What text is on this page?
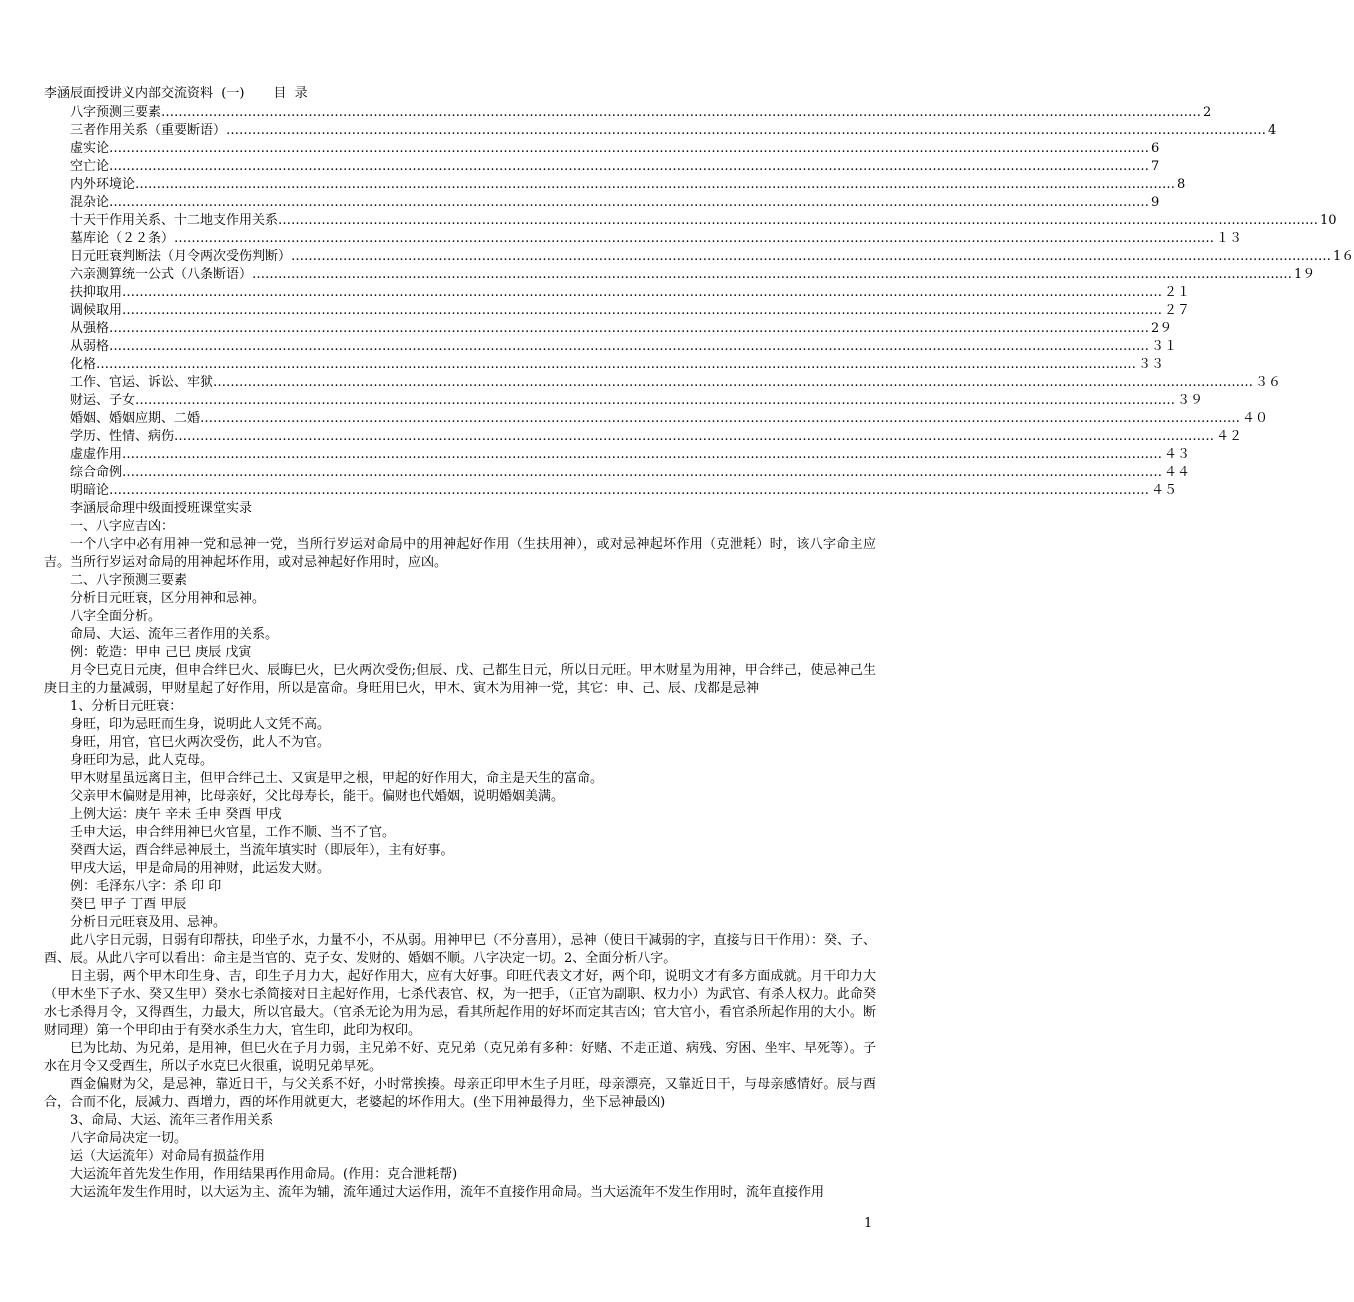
李涵辰面授讲义内部交流资料  (一)       目  录
八字预测三要素 …………………………………………………………………………………………………………………………………………………………………………………………………………………… 2
三者作用关系（重要断语） …………………………………………………………………………………………………………………………………………………………………………………………………………………… 4
虚实论 …………………………………………………………………………………………………………………………………………………………………………………………………………………… 6
空亡论 …………………………………………………………………………………………………………………………………………………………………………………………………………………… 7
内外环境论 …………………………………………………………………………………………………………………………………………………………………………………………………………………… 8
混杂论 …………………………………………………………………………………………………………………………………………………………………………………………………………………… 9
十天干作用关系、十二地支作用关系 …………………………………………………………………………………………………………………………………………………………………………………………………………………… 10
墓库论（２２条） …………………………………………………………………………………………………………………………………………………………………………………………………………………… １３
日元旺衰判断法（月令两次受伤判断） …………………………………………………………………………………………………………………………………………………………………………………………………………………… 1６
六亲测算统一公式（八条断语） …………………………………………………………………………………………………………………………………………………………………………………………………………………… 1９
扶抑取用 …………………………………………………………………………………………………………………………………………………………………………………………………………………… ２１
调候取用 …………………………………………………………………………………………………………………………………………………………………………………………………………………… ２７
从强格 …………………………………………………………………………………………………………………………………………………………………………………………………………………… 2９
从弱格 …………………………………………………………………………………………………………………………………………………………………………………………………………………… ３１
化格 …………………………………………………………………………………………………………………………………………………………………………………………………………………… ３３
工作、官运、诉讼、牢狱 …………………………………………………………………………………………………………………………………………………………………………………………………………………… ３６
财运、子女 …………………………………………………………………………………………………………………………………………………………………………………………………………………… ３９
婚姻、婚姻应期、二婚 …………………………………………………………………………………………………………………………………………………………………………………………………………………… ４０
学历、性情、病伤 …………………………………………………………………………………………………………………………………………………………………………………………………………………… ４２
虚虚作用 …………………………………………………………………………………………………………………………………………………………………………………………………………………… ４３
综合命例 …………………………………………………………………………………………………………………………………………………………………………………………………………………… ４４
明暗论 …………………………………………………………………………………………………………………………………………………………………………………………………………………… ４５

李涵辰命理中级面授班课堂实录

一、八字应吉凶：

一个八字中必有用神一党和忌神一党，当所行岁运对命局中的用神起好作用（生扶用神），或对忌神起坏作用（克泄耗）时，该八字命主应吉。当所行岁运对命局的用神起坏作用，或对忌神起好作用时，应凶。

二、八字预测三要素

分析日元旺衰，区分用神和忌神。

八字全面分析。

命局、大运、流年三者作用的关系。

例：乾造：甲申 己巳 庚辰 戊寅

月令巳克日元庚，但申合绊巳火、辰晦巳火，巳火两次受伤;但辰、戊、己都生日元，所以日元旺。甲木财星为用神，甲合绊己，使忌神己生庚日主的力量减弱，甲财星起了好作用，所以是富命。身旺用巳火，甲木、寅木为用神一党，其它：申、己、辰、戊都是忌神

1、分析日元旺衰：

身旺，印为忌旺而生身，说明此人文凭不高。

身旺，用官，官巳火两次受伤，此人不为官。

身旺印为忌，此人克母。

甲木财星虽远离日主，但甲合绊己土、又寅是甲之根，甲起的好作用大，命主是天生的富命。

父亲甲木偏财是用神，比母亲好，父比母寿长，能干。偏财也代婚姻，说明婚姻美满。

上例大运：庚午 辛未 壬申 癸酉 甲戌

壬申大运，申合绊用神巳火官星，工作不顺、当不了官。

癸酉大运，酉合绊忌神辰土，当流年填实时（即辰年），主有好事。

甲戌大运，甲是命局的用神财，此运发大财。

例：毛泽东八字：杀 印 印

癸巳 甲子 丁酉 甲辰

分析日元旺衰及用、忌神。

此八字日元弱，日弱有印帮扶，印坐子水，力量不小，不从弱。用神甲巳（不分喜用），忌神（使日干减弱的字，直接与日干作用）：癸、子、酉、辰。从此八字可以看出：命主是当官的、克子女、发财的、婚姻不顺。八字决定一切。2、全面分析八字。

日主弱，两个甲木印生身、吉，印生子月力大，起好作用大，应有大好事。印旺代表文才好，两个印，说明文才有多方面成就。月干印力大（甲木坐下子水、癸又生甲）癸水七杀简接对日主起好作用，七杀代表官、权，为一把手，（正官为副职、权力小）为武官、有杀人权力。此命癸水七杀得月令，又得酉生，力最大，所以官最大。（官杀无论为用为忌，看其所起作用的好坏而定其吉凶；官大官小，看官杀所起作用的大小。断财同理）第一个甲印由于有癸水杀生力大，官生印，此印为权印。

巳为比劫、为兄弟，是用神，但巳火在子月力弱，主兄弟不好、克兄弟（克兄弟有多种：好赌、不走正道、病残、穷困、坐牢、早死等）。子水在月令又受酉生，所以子水克巳火很重，说明兄弟早死。

酉金偏财为父，是忌神，靠近日干，与父关系不好，小时常挨揍。母亲正印甲木生子月旺，母亲漂亮，又靠近日干，与母亲感情好。辰与酉合，合而不化，辰减力、酉增力，酉的坏作用就更大，老婆起的坏作用大。(坐下用神最得力，坐下忌神最凶)

3、命局、大运、流年三者作用关系

八字命局决定一切。

运（大运流年）对命局有损益作用

大运流年首先发生作用，作用结果再作用命局。(作用：克合泄耗帮)

大运流年发生作用时，以大运为主、流年为辅，流年通过大运作用，流年不直接作用命局。当大运流年不发生作用时，流年直接作用

1
